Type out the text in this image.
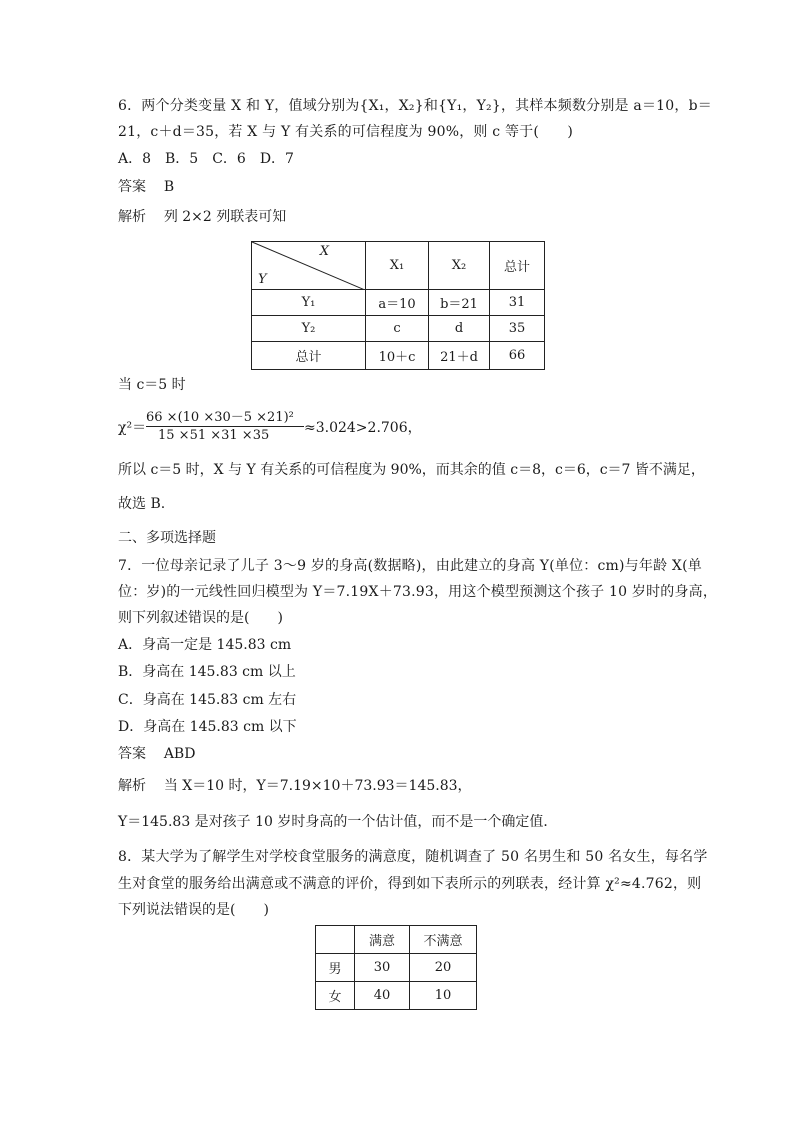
6．两个分类变量 X 和 Y，值域分别为{X₁，X₂}和{Y₁，Y₂}，其样本频数分别是 a＝10，b＝
21，c＋d＝35，若 X 与 Y 有关系的可信程度为 90%，则 c 等于(　　)
A．8　B．5　C．6　D．7
答案 B
解析 列 2×2 列联表可知
X
Y	X₁	X₂	总计
Y₁	a＝10	b＝21	31
Y₂	c	d	35
总计	10＋c	21＋d	66
当 c＝5 时
χ²＝
66 ×(10 ×30－5 ×21)²
15 ×51 ×31 ×35 ≈3.024>2.706，
所以 c＝5 时，X 与 Y 有关系的可信程度为 90%，而其余的值 c＝8，c＝6，c＝7 皆不满足，
故选 B.
二、多项选择题
7．一位母亲记录了儿子 3～9 岁的身高(数据略)，由此建立的身高 Y(单位：cm)与年龄 X(单
位：岁)的一元线性回归模型为 Y＝7.19X＋73.93，用这个模型预测这个孩子 10 岁时的身高，
则下列叙述错误的是(　　)
A．身高一定是 145.83 cm
B．身高在 145.83 cm 以上
C．身高在 145.83 cm 左右
D．身高在 145.83 cm 以下
答案 ABD
解析 当 X＝10 时，Y＝7.19×10＋73.93＝145.83，
Y＝145.83 是对孩子 10 岁时身高的一个估计值，而不是一个确定值．
8．某大学为了解学生对学校食堂服务的满意度，随机调查了 50 名男生和 50 名女生，每名学
生对食堂的服务给出满意或不满意的评价，得到如下表所示的列联表，经计算 χ²≈4.762，则
下列说法错误的是(　　)
	满意	不满意
男	30	20
女	40	10
